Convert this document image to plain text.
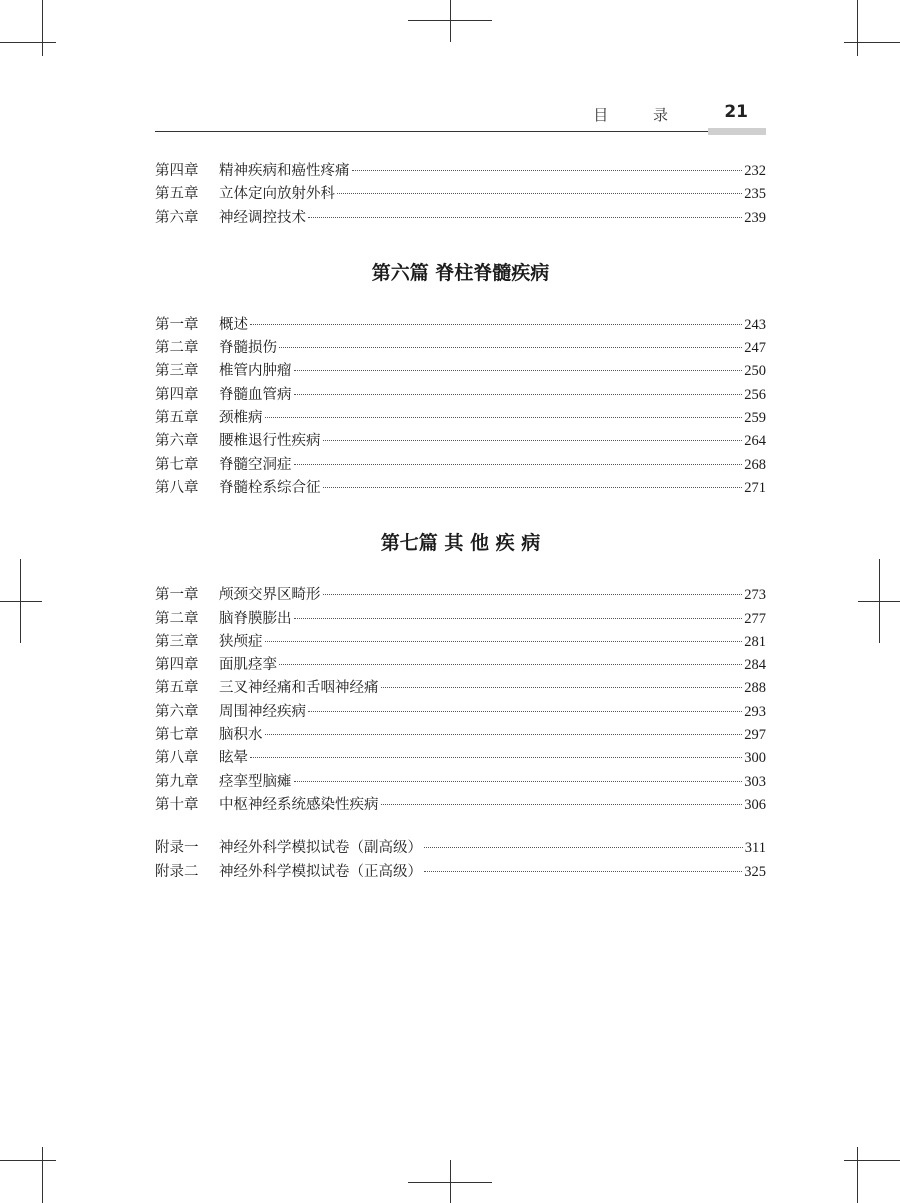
目 录 21
第四章	精神疾病和癌性疼痛	232
第五章	立体定向放射外科	235
第六章	神经调控技术	239
第六篇 脊柱脊髓疾病
第一章	概述	243
第二章	脊髓损伤	247
第三章	椎管内肿瘤	250
第四章	脊髓血管病	256
第五章	颈椎病	259
第六章	腰椎退行性疾病	264
第七章	脊髓空洞症	268
第八章	脊髓栓系综合征	271
第七篇 其 他 疾 病
第一章	颅颈交界区畸形	273
第二章	脑脊膜膨出	277
第三章	狭颅症	281
第四章	面肌痉挛	284
第五章	三叉神经痛和舌咽神经痛	288
第六章	周围神经疾病	293
第七章	脑积水	297
第八章	眩晕	300
第九章	痉挛型脑瘫	303
第十章	中枢神经系统感染性疾病	306
附录一	神经外科学模拟试卷（副高级）	311
附录二	神经外科学模拟试卷（正高级）	325
